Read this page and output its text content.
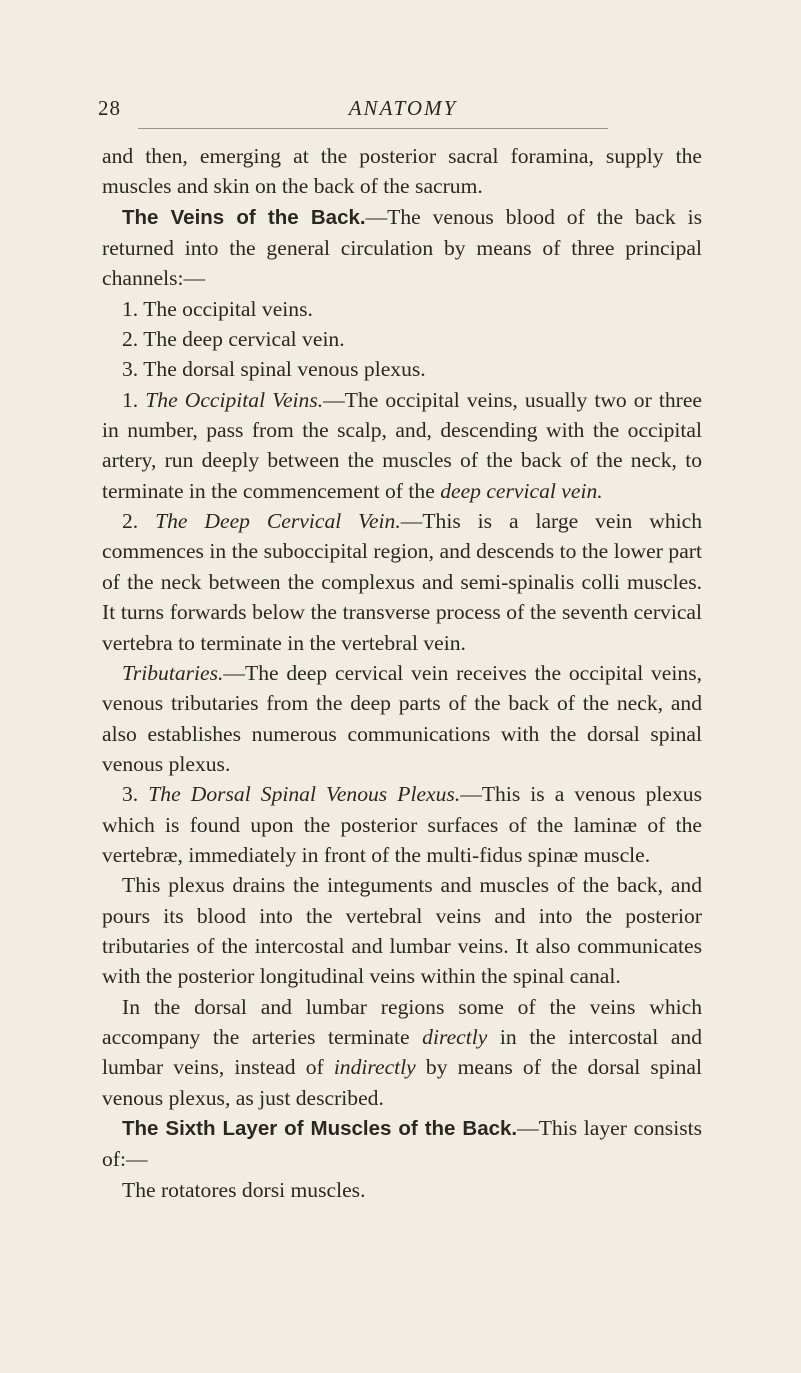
28	ANATOMY

and then, emerging at the posterior sacral foramina, supply the muscles and skin on the back of the sacrum.

The Veins of the Back.—The venous blood of the back is returned into the general circulation by means of three principal channels:—

1. The occipital veins.

2. The deep cervical vein.

3. The dorsal spinal venous plexus.

1. The Occipital Veins.—The occipital veins, usually two or three in number, pass from the scalp, and, descending with the occipital artery, run deeply between the muscles of the back of the neck, to terminate in the commencement of the deep cervical vein.

2. The Deep Cervical Vein.—This is a large vein which commences in the suboccipital region, and descends to the lower part of the neck between the complexus and semi-spinalis colli muscles. It turns forwards below the transverse process of the seventh cervical vertebra to terminate in the vertebral vein.

Tributaries.—The deep cervical vein receives the occipital veins, venous tributaries from the deep parts of the back of the neck, and also establishes numerous communications with the dorsal spinal venous plexus.

3. The Dorsal Spinal Venous Plexus.—This is a venous plexus which is found upon the posterior surfaces of the laminæ of the vertebræ, immediately in front of the multi-fidus spinæ muscle.

This plexus drains the integuments and muscles of the back, and pours its blood into the vertebral veins and into the posterior tributaries of the intercostal and lumbar veins. It also communicates with the posterior longitudinal veins within the spinal canal.

In the dorsal and lumbar regions some of the veins which accompany the arteries terminate directly in the intercostal and lumbar veins, instead of indirectly by means of the dorsal spinal venous plexus, as just described.

The Sixth Layer of Muscles of the Back.—This layer consists of:—

The rotatores dorsi muscles.
